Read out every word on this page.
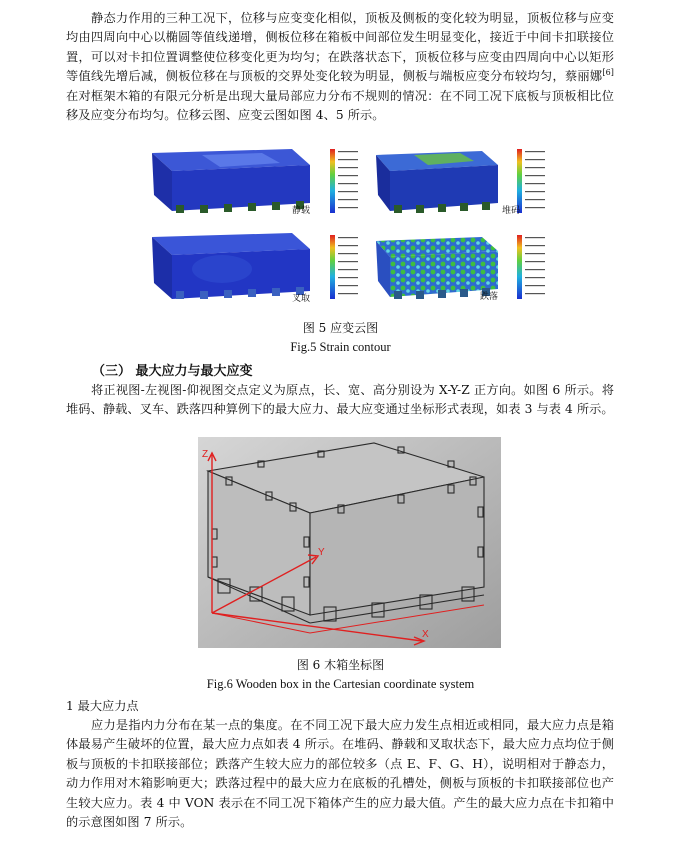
静态力作用的三种工况下，位移与应变变化相似，顶板及侧板的变化较为明显，顶板位移与应变均由四周向中心以椭圆等值线递增，侧板位移在箱板中间部位发生明显变化，接近于中间卡扣联接位置，可以对卡扣位置调整使位移变化更为均匀；在跌落状态下，顶板位移与应变由四周向中心以矩形等值线先增后减，侧板位移在与顶板的交界处变化较为明显，侧板与端板应变分布较均匀，蔡丽娜[6]在对框架木箱的有限元分析是出现大量局部应力分布不规则的情况：在不同工况下底板与顶板相比位移及应变分布均匀。位移云图、应变云图如图 4、5 所示。
静载	堆码
叉取	跌落
图 5 应变云图
Fig.5 Strain contour
（三） 最大应力与最大应变
将正视图-左视图-仰视图交点定义为原点，长、宽、高分别设为 X-Y-Z 正方向。如图 6 所示。将堆码、静载、叉车、跌落四种算例下的最大应力、最大应变通过坐标形式表现，如表 3 与表 4 所示。
Z
Y
X
图 6 木箱坐标图
Fig.6 Wooden box in the Cartesian coordinate system
1 最大应力点
应力是指内力分布在某一点的集度。在不同工况下最大应力发生点相近或相同，最大应力点是箱体最易产生破坏的位置，最大应力点如表 4 所示。在堆码、静载和叉取状态下，最大应力点均位于侧板与顶板的卡扣联接部位；跌落产生较大应力的部位较多（点 E、F、G、H），说明相对于静态力，动力作用对木箱影响更大；跌落过程中的最大应力在底板的孔槽处，侧板与顶板的卡扣联接部位也产生较大应力。表 4 中 VON 表示在不同工况下箱体产生的应力最大值。产生的最大应力点在卡扣箱中的示意图如图 7 所示。
